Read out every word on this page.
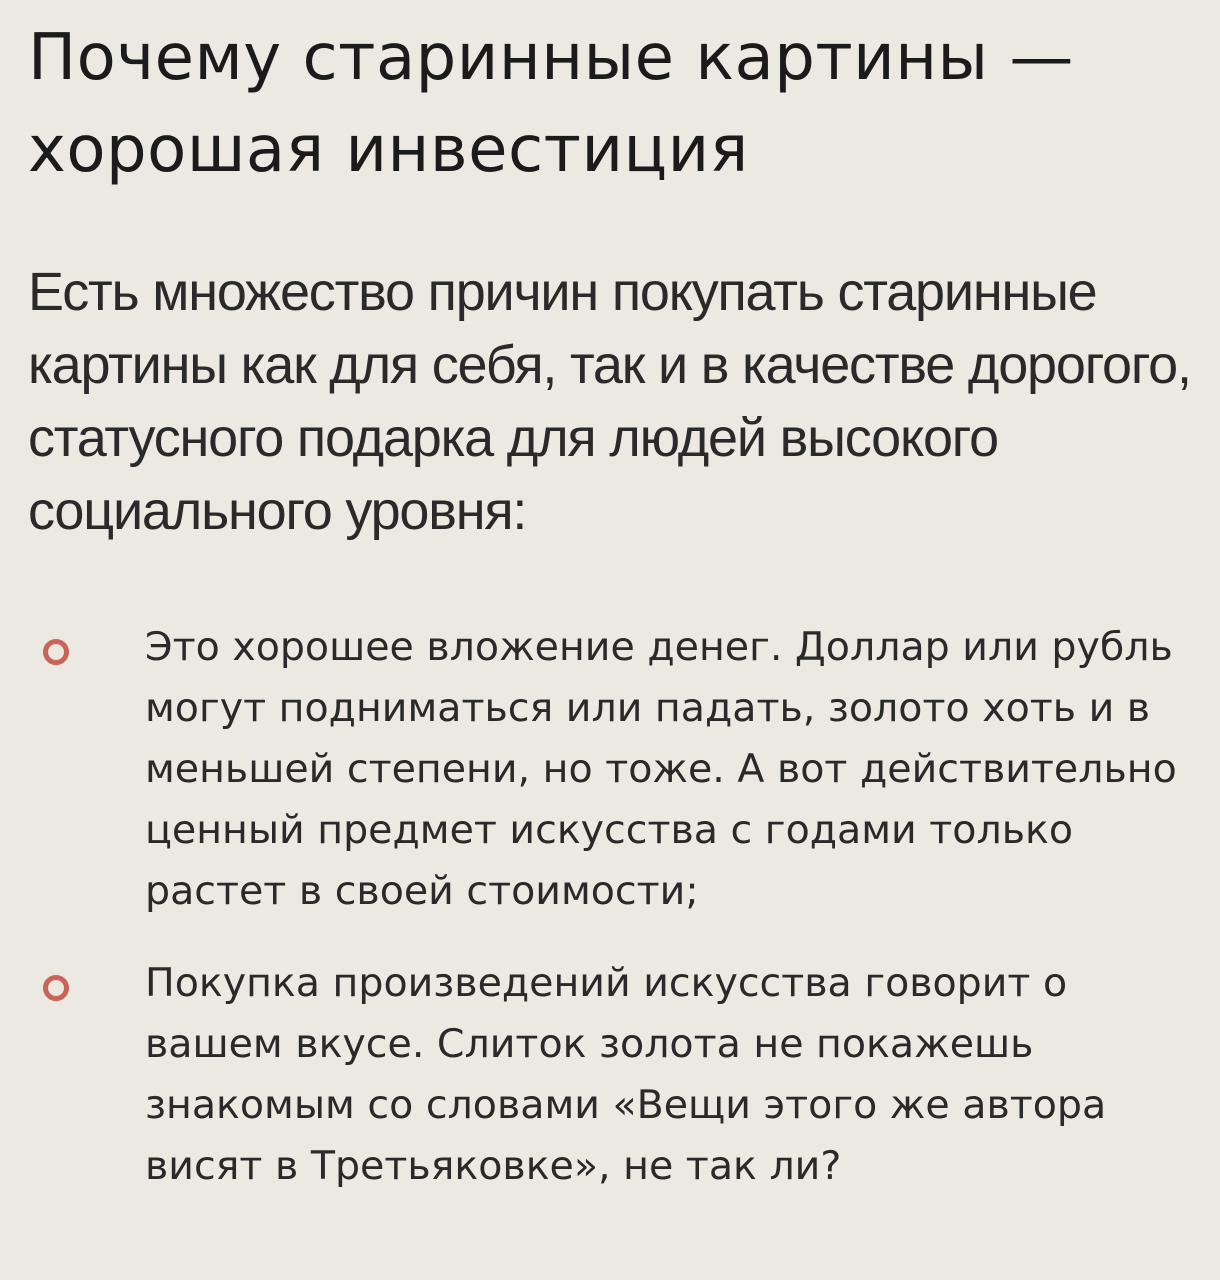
Почему старинные картины — хорошая инвестиция

Есть множество причин покупать старинные картины как для себя, так и в качестве дорогого, статусного подарка для людей высокого социального уровня:

Это хорошее вложение денег. Доллар или рубль могут подниматься или падать, золото хоть и в меньшей степени, но тоже. А вот действительно ценный предмет искусства с годами только растет в своей стоимости;
Покупка произведений искусства говорит о вашем вкусе. Слиток золота не покажешь знакомым со словами «Вещи этого же автора висят в Третьяковке», не так ли?
